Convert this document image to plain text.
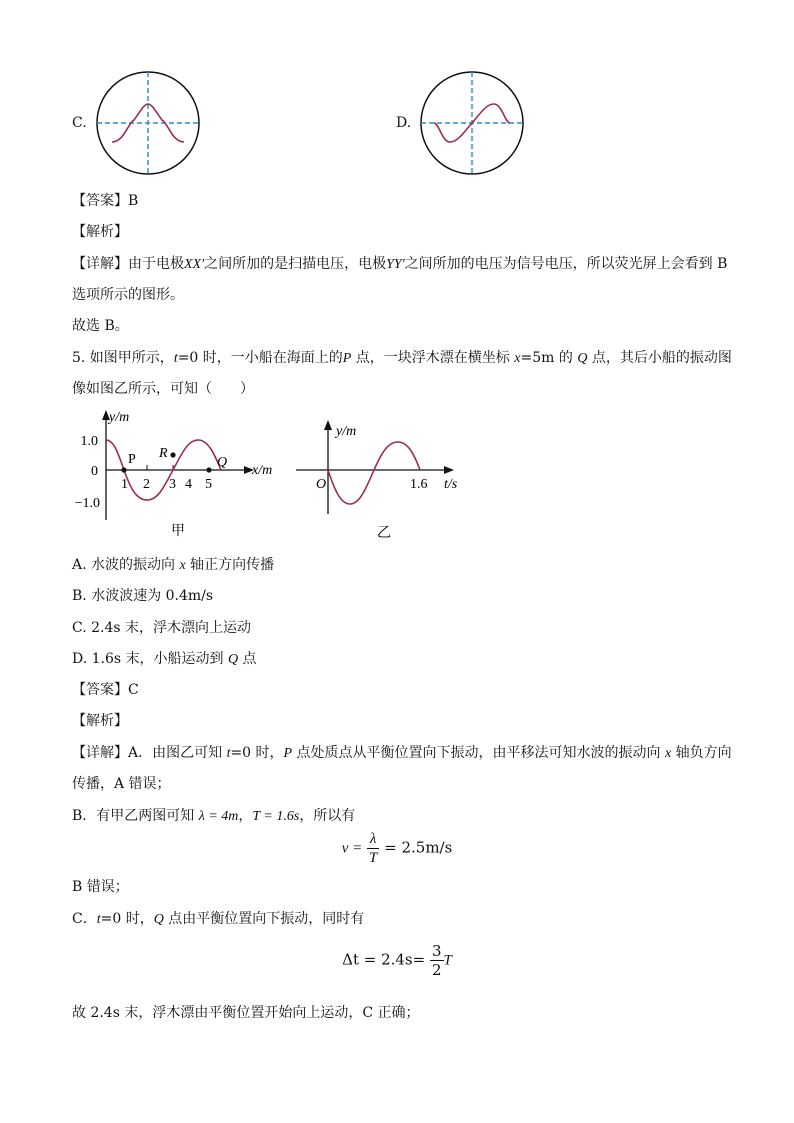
C.	D.
【答案】B
【解析】
【详解】由于电极XX'之间所加的是扫描电压，电极YY'之间所加的电压为信号电压，所以荧光屏上会看到 B
选项所示的图形。
故选 B。
5. 如图甲所示，t=0 时，一小船在海面上的P 点，一块浮木漂在横坐标 x=5m 的 Q 点，其后小船的振动图
像如图乙所示，可知（　　）
y/m
x/m
1.0
0
−1.0
P R
Q
1 2 3 4 5
甲
y/m
t/s
O	1.6
乙
A. 水波的振动向 x 轴正方向传播
B. 水波波速为 0.4m/s
C. 2.4s 末，浮木漂向上运动
D. 1.6s 末，小船运动到 Q 点
【答案】C
【解析】
【详解】A．由图乙可知 t=0 时，P 点处质点从平衡位置向下振动，由平移法可知水波的振动向 x 轴负方向
传播，A 错误；
B．有甲乙两图可知 λ = 4m，T = 1.6s，所以有
$v = \frac{\lambda}{T} = 2.5m/s$
B 错误；
C．t=0 时，Q 点由平衡位置向下振动，同时有
$\Delta t = 2.4s= \frac{3}{2}$ T
故 2.4s 末，浮木漂由平衡位置开始向上运动，C 正确；
